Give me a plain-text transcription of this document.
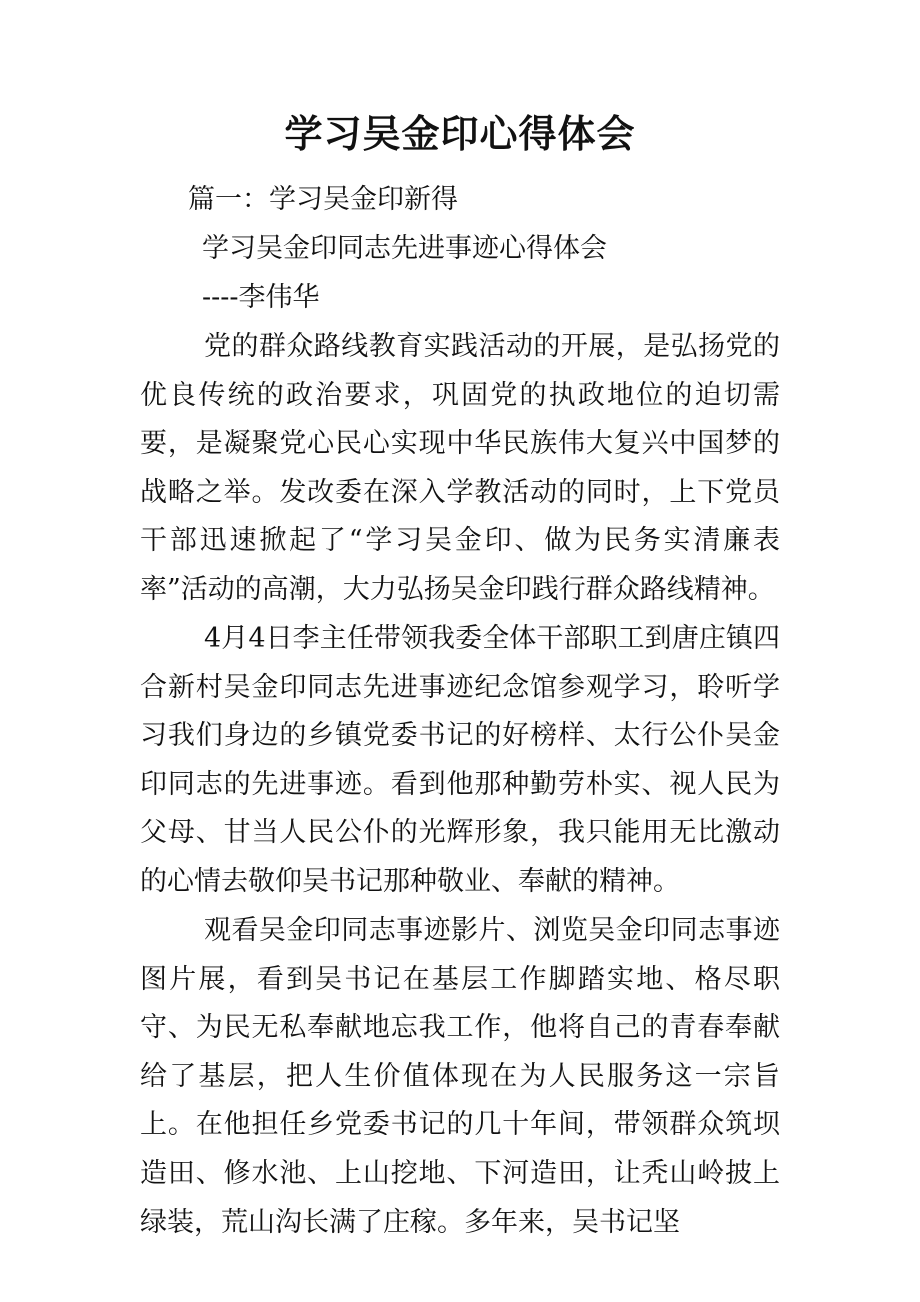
学习吴金印心得体会

篇一：学习吴金印新得

学习吴金印同志先进事迹心得体会

----李伟华

党的群众路线教育实践活动的开展，是弘扬党的优良传统的政治要求，巩固党的执政地位的迫切需要，是凝聚党心民心实现中华民族伟大复兴中国梦的战略之举。发改委在深入学教活动的同时，上下党员干部迅速掀起了“学习吴金印、做为民务实清廉表率”活动的高潮，大力弘扬吴金印践行群众路线精神。

4月4日李主任带领我委全体干部职工到唐庄镇四合新村吴金印同志先进事迹纪念馆参观学习，聆听学习我们身边的乡镇党委书记的好榜样、太行公仆吴金印同志的先进事迹。看到他那种勤劳朴实、视人民为父母、甘当人民公仆的光辉形象，我只能用无比激动的心情去敬仰吴书记那种敬业、奉献的精神。

观看吴金印同志事迹影片、浏览吴金印同志事迹图片展，看到吴书记在基层工作脚踏实地、格尽职守、为民无私奉献地忘我工作，他将自己的青春奉献给了基层，把人生价值体现在为人民服务这一宗旨上。在他担任乡党委书记的几十年间，带领群众筑坝造田、修水池、上山挖地、下河造田，让秃山岭披上绿装，荒山沟长满了庄稼。多年来，吴书记坚
